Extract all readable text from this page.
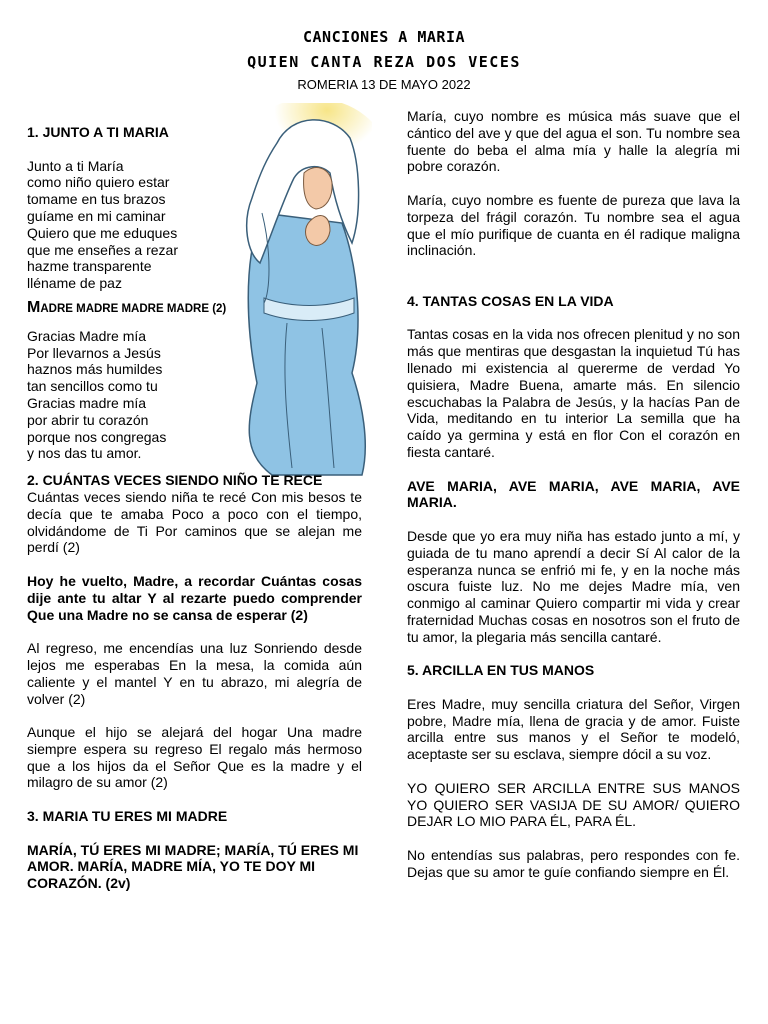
CANCIONES A MARIA
QUIEN CANTA REZA DOS VECES
ROMERIA 13 DE MAYO 2022
1. JUNTO A TI MARIA
Junto a ti María
como niño quiero estar
tomame en tus brazos
guíame en mi caminar
Quiero que me eduques
que me enseñes a rezar
hazme transparente
lléname de paz
MADRE MADRE MADRE MADRE (2)
Gracias Madre mía
Por llevarnos a Jesús
haznos más humildes
tan sencillos como tu
Gracias madre mía
por abrir tu corazón
porque nos congregas
y nos das tu amor.
2. CUÁNTAS VECES SIENDO NIÑO TE RECE
Cuántas veces siendo niña te recé Con mis besos te decía que te amaba Poco a poco con el tiempo, olvidándome de Ti Por caminos que se alejan me perdí (2)
Hoy he vuelto, Madre, a recordar Cuántas cosas dije ante tu altar Y al rezarte puedo comprender Que una Madre no se cansa de esperar (2)
Al regreso, me encendías una luz Sonriendo desde lejos me esperabas En la mesa, la comida aún caliente y el mantel Y en tu abrazo, mi alegría de volver (2)
Aunque el hijo se alejará del hogar Una madre siempre espera su regreso El regalo más hermoso que a los hijos da el Señor Que es la madre y el milagro de su amor (2)
3. MARIA TU ERES MI MADRE
MARÍA, TÚ ERES MI MADRE; MARÍA, TÚ ERES MI AMOR. MARÍA, MADRE MÍA, YO TE DOY MI CORAZÓN. (2v)
María, cuyo nombre es música más suave que el cántico del ave y que del agua el son. Tu nombre sea fuente do beba el alma mía y halle la alegría mi pobre corazón.
María, cuyo nombre es fuente de pureza que lava la torpeza del frágil corazón. Tu nombre sea el agua que el mío purifique de cuanta en él radique maligna inclinación.
4. TANTAS COSAS EN LA VIDA
Tantas cosas en la vida nos ofrecen plenitud y no son más que mentiras que desgastan la inquietud Tú has llenado mi existencia al quererme de verdad Yo quisiera, Madre Buena, amarte más. En silencio escuchabas la Palabra de Jesús, y la hacías Pan de Vida, meditando en tu interior La semilla que ha caído ya germina y está en flor Con el corazón en fiesta cantaré.
AVE MARIA, AVE MARIA, AVE MARIA, AVE MARIA.
Desde que yo era muy niña has estado junto a mí, y guiada de tu mano aprendí a decir Sí Al calor de la esperanza nunca se enfrió mi fe, y en la noche más oscura fuiste luz. No me dejes Madre mía, ven conmigo al caminar Quiero compartir mi vida y crear fraternidad Muchas cosas en nosotros son el fruto de tu amor, la plegaria más sencilla cantaré.
5. ARCILLA EN TUS MANOS
Eres Madre, muy sencilla criatura del Señor, Virgen pobre, Madre mía, llena de gracia y de amor. Fuiste arcilla entre sus manos y el Señor te modeló, aceptaste ser su esclava, siempre dócil a su voz.
YO QUIERO SER ARCILLA ENTRE SUS MANOS YO QUIERO SER VASIJA DE SU AMOR/ QUIERO DEJAR LO MIO PARA ÉL, PARA ÉL.
No entendías sus palabras, pero respondes con fe. Dejas que su amor te guíe confiando siempre en Él.
